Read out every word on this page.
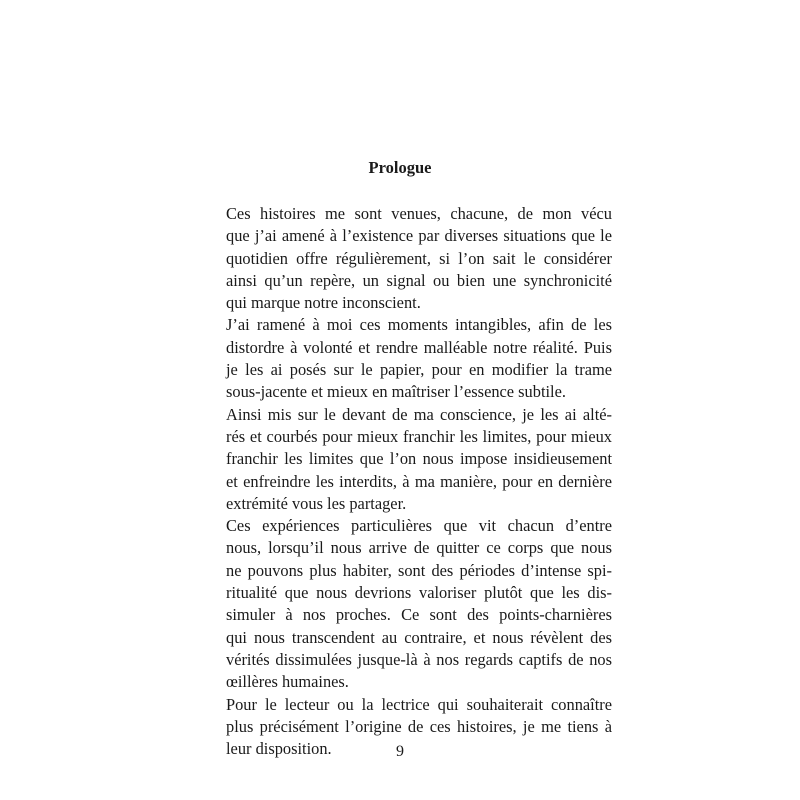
Prologue

Ces histoires me sont venues, chacune, de mon vécu
que j’ai amené à l’existence par diverses situations que le
quotidien offre régulièrement, si l’on sait le considérer
ainsi qu’un repère, un signal ou bien une synchronicité
qui marque notre inconscient.

J’ai ramené à moi ces moments intangibles, afin de les
distordre à volonté et rendre malléable notre réalité. Puis
je les ai posés sur le papier, pour en modifier la trame
sous-jacente et mieux en maîtriser l’essence subtile.

Ainsi mis sur le devant de ma conscience, je les ai alté-
rés et courbés pour mieux franchir les limites, pour mieux
franchir les limites que l’on nous impose insidieusement
et enfreindre les interdits, à ma manière, pour en dernière
extrémité vous les partager.

Ces expériences particulières que vit chacun d’entre
nous, lorsqu’il nous arrive de quitter ce corps que nous
ne pouvons plus habiter, sont des périodes d’intense spi-
ritualité que nous devrions valoriser plutôt que les dis-
simuler à nos proches. Ce sont des points-charnières
qui nous transcendent au contraire, et nous révèlent des
vérités dissimulées jusque-là à nos regards captifs de nos
œillères humaines.

Pour le lecteur ou la lectrice qui souhaiterait connaître
plus précisément l’origine de ces histoires, je me tiens à
leur disposition.	9
